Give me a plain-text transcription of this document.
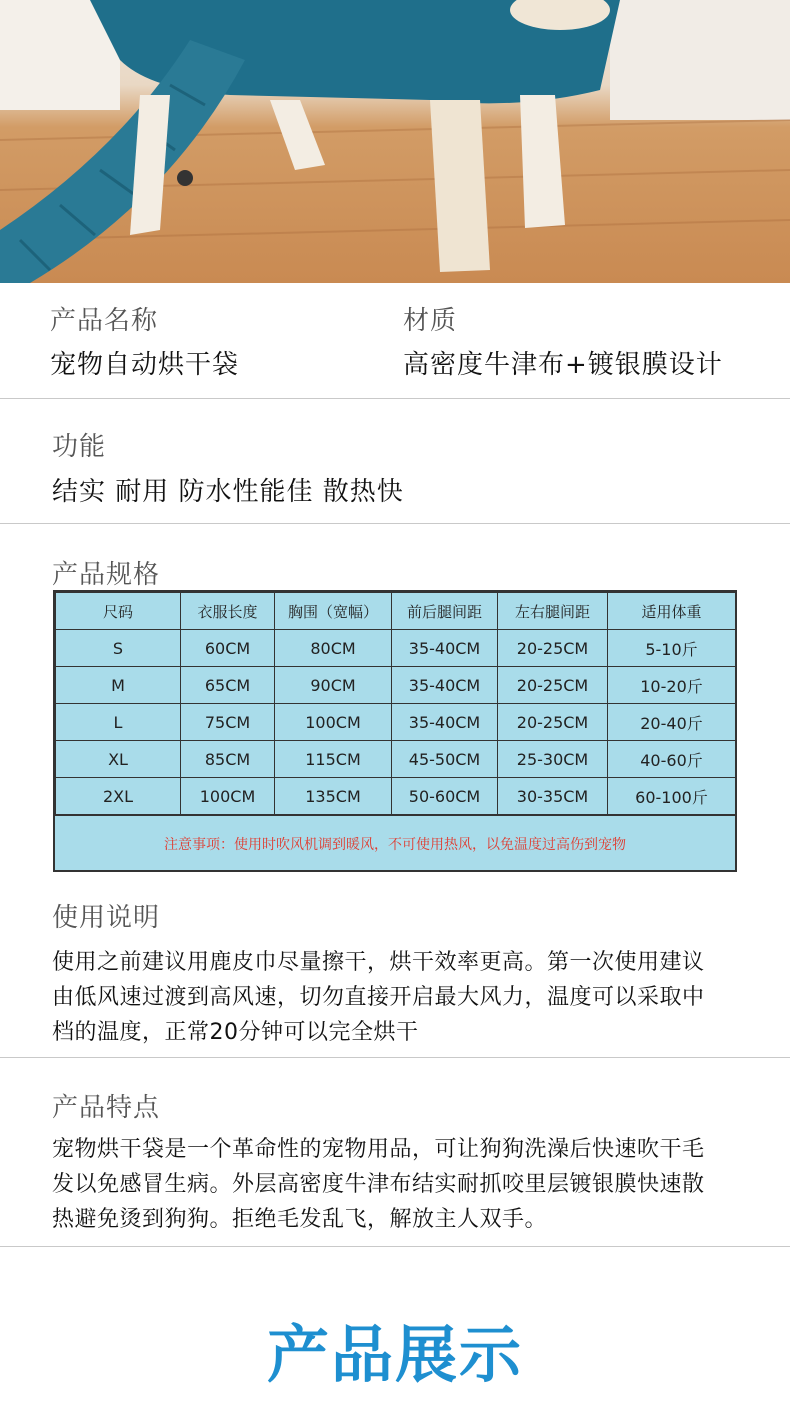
产品名称
宠物自动烘干袋
材质
高密度牛津布+镀银膜设计
功能
结实 耐用 防水性能佳 散热快
产品规格
尺码	衣服长度	胸围（宽幅）	前后腿间距	左右腿间距	适用体重
S	60CM	80CM	35-40CM	20-25CM	5-10斤
M	65CM	90CM	35-40CM	20-25CM	10-20斤
L	75CM	100CM	35-40CM	20-25CM	20-40斤
XL	85CM	115CM	45-50CM	25-30CM	40-60斤
2XL	100CM	135CM	50-60CM	30-35CM	60-100斤
注意事项：使用时吹风机调到暖风，不可使用热风，以免温度过高伤到宠物
使用说明
使用之前建议用鹿皮巾尽量擦干，烘干效率更高。第一次使用建议
由低风速过渡到高风速，切勿直接开启最大风力，温度可以采取中
档的温度，正常20分钟可以完全烘干
产品特点
宠物烘干袋是一个革命性的宠物用品，可让狗狗洗澡后快速吹干毛
发以免感冒生病。外层高密度牛津布结实耐抓咬里层镀银膜快速散
热避免烫到狗狗。拒绝毛发乱飞，解放主人双手。
产品展示
